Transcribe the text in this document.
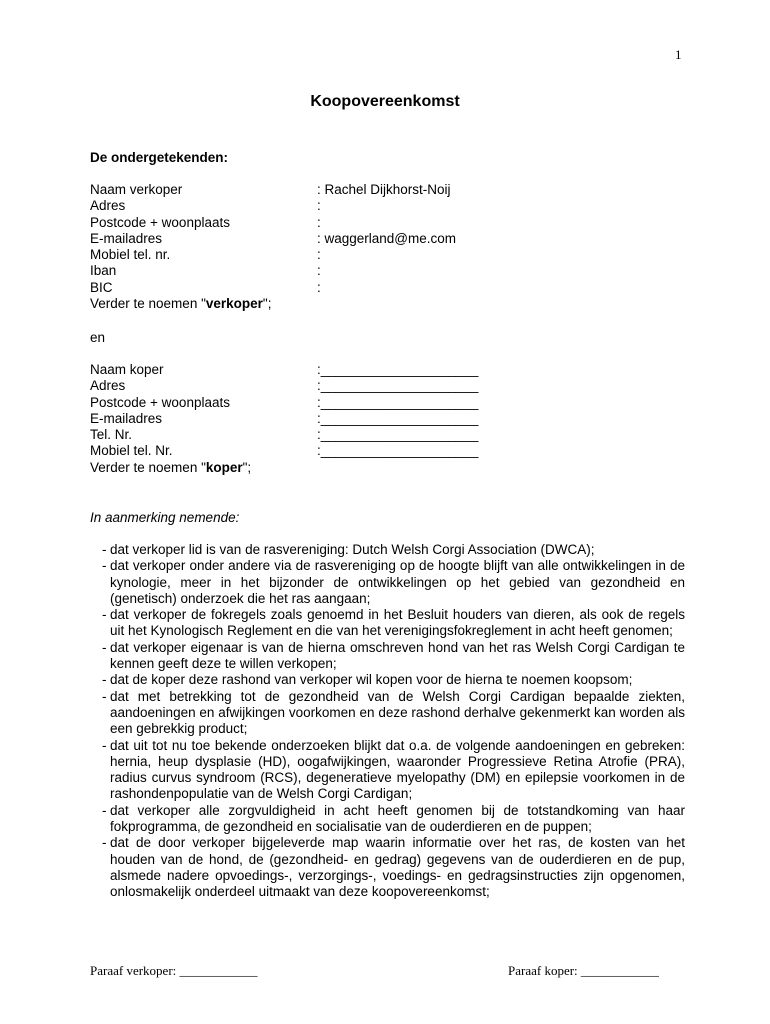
1
Koopovereenkomst
De ondergetekenden:
Naam verkoper	: Rachel Dijkhorst-Noij
Adres	:
Postcode + woonplaats	:
E-mailadres	: waggerland@me.com
Mobiel tel. nr.	:
Iban	:
BIC	:
Verder te noemen " verkoper ";
en
Naam koper	:_____________________
Adres	:_____________________
Postcode + woonplaats	:_____________________
E-mailadres	:_____________________
Tel. Nr.	:_____________________
Mobiel tel. Nr.	:_____________________
Verder te noemen " koper ";
In aanmerking nemende:
- dat verkoper lid is van de rasvereniging: Dutch Welsh Corgi Association (DWCA);
- dat verkoper onder andere via de rasvereniging op de hoogte blijft van alle ontwikkelingen in de kynologie, meer in het bijzonder de ontwikkelingen op het gebied van gezondheid en (genetisch) onderzoek die het ras aangaan;
- dat verkoper de fokregels zoals genoemd in het Besluit houders van dieren, als ook de regels uit het Kynologisch Reglement en die van het verenigingsfokreglement in acht heeft genomen;
- dat verkoper eigenaar is van de hierna omschreven hond van het ras Welsh Corgi Cardigan te kennen geeft deze te willen verkopen;
- dat de koper deze rashond van verkoper wil kopen voor de hierna te noemen koopsom;
- dat met betrekking tot de gezondheid van de Welsh Corgi Cardigan bepaalde ziekten, aandoeningen en afwijkingen voorkomen en deze rashond derhalve gekenmerkt kan worden als een gebrekkig product;
- dat uit tot nu toe bekende onderzoeken blijkt dat o.a. de volgende aandoeningen en gebreken: hernia, heup dysplasie (HD), oogafwijkingen, waaronder Progressieve Retina Atrofie (PRA), radius curvus syndroom (RCS), degeneratieve myelopathy (DM) en epilepsie voorkomen in de rashondenpopulatie van de Welsh Corgi Cardigan;
- dat verkoper alle zorgvuldigheid in acht heeft genomen bij de totstandkoming van haar fokprogramma, de gezondheid en socialisatie van de ouderdieren en de puppen;
- dat de door verkoper bijgeleverde map waarin informatie over het ras, de kosten van het houden van de hond, de (gezondheid- en gedrag) gegevens van de ouderdieren en de pup, alsmede nadere opvoedings-, verzorgings-, voedings- en gedragsinstructies zijn opgenomen, onlosmakelijk onderdeel uitmaakt van deze koopovereenkomst;
Paraaf verkoper: ____________	Paraaf koper: ____________
